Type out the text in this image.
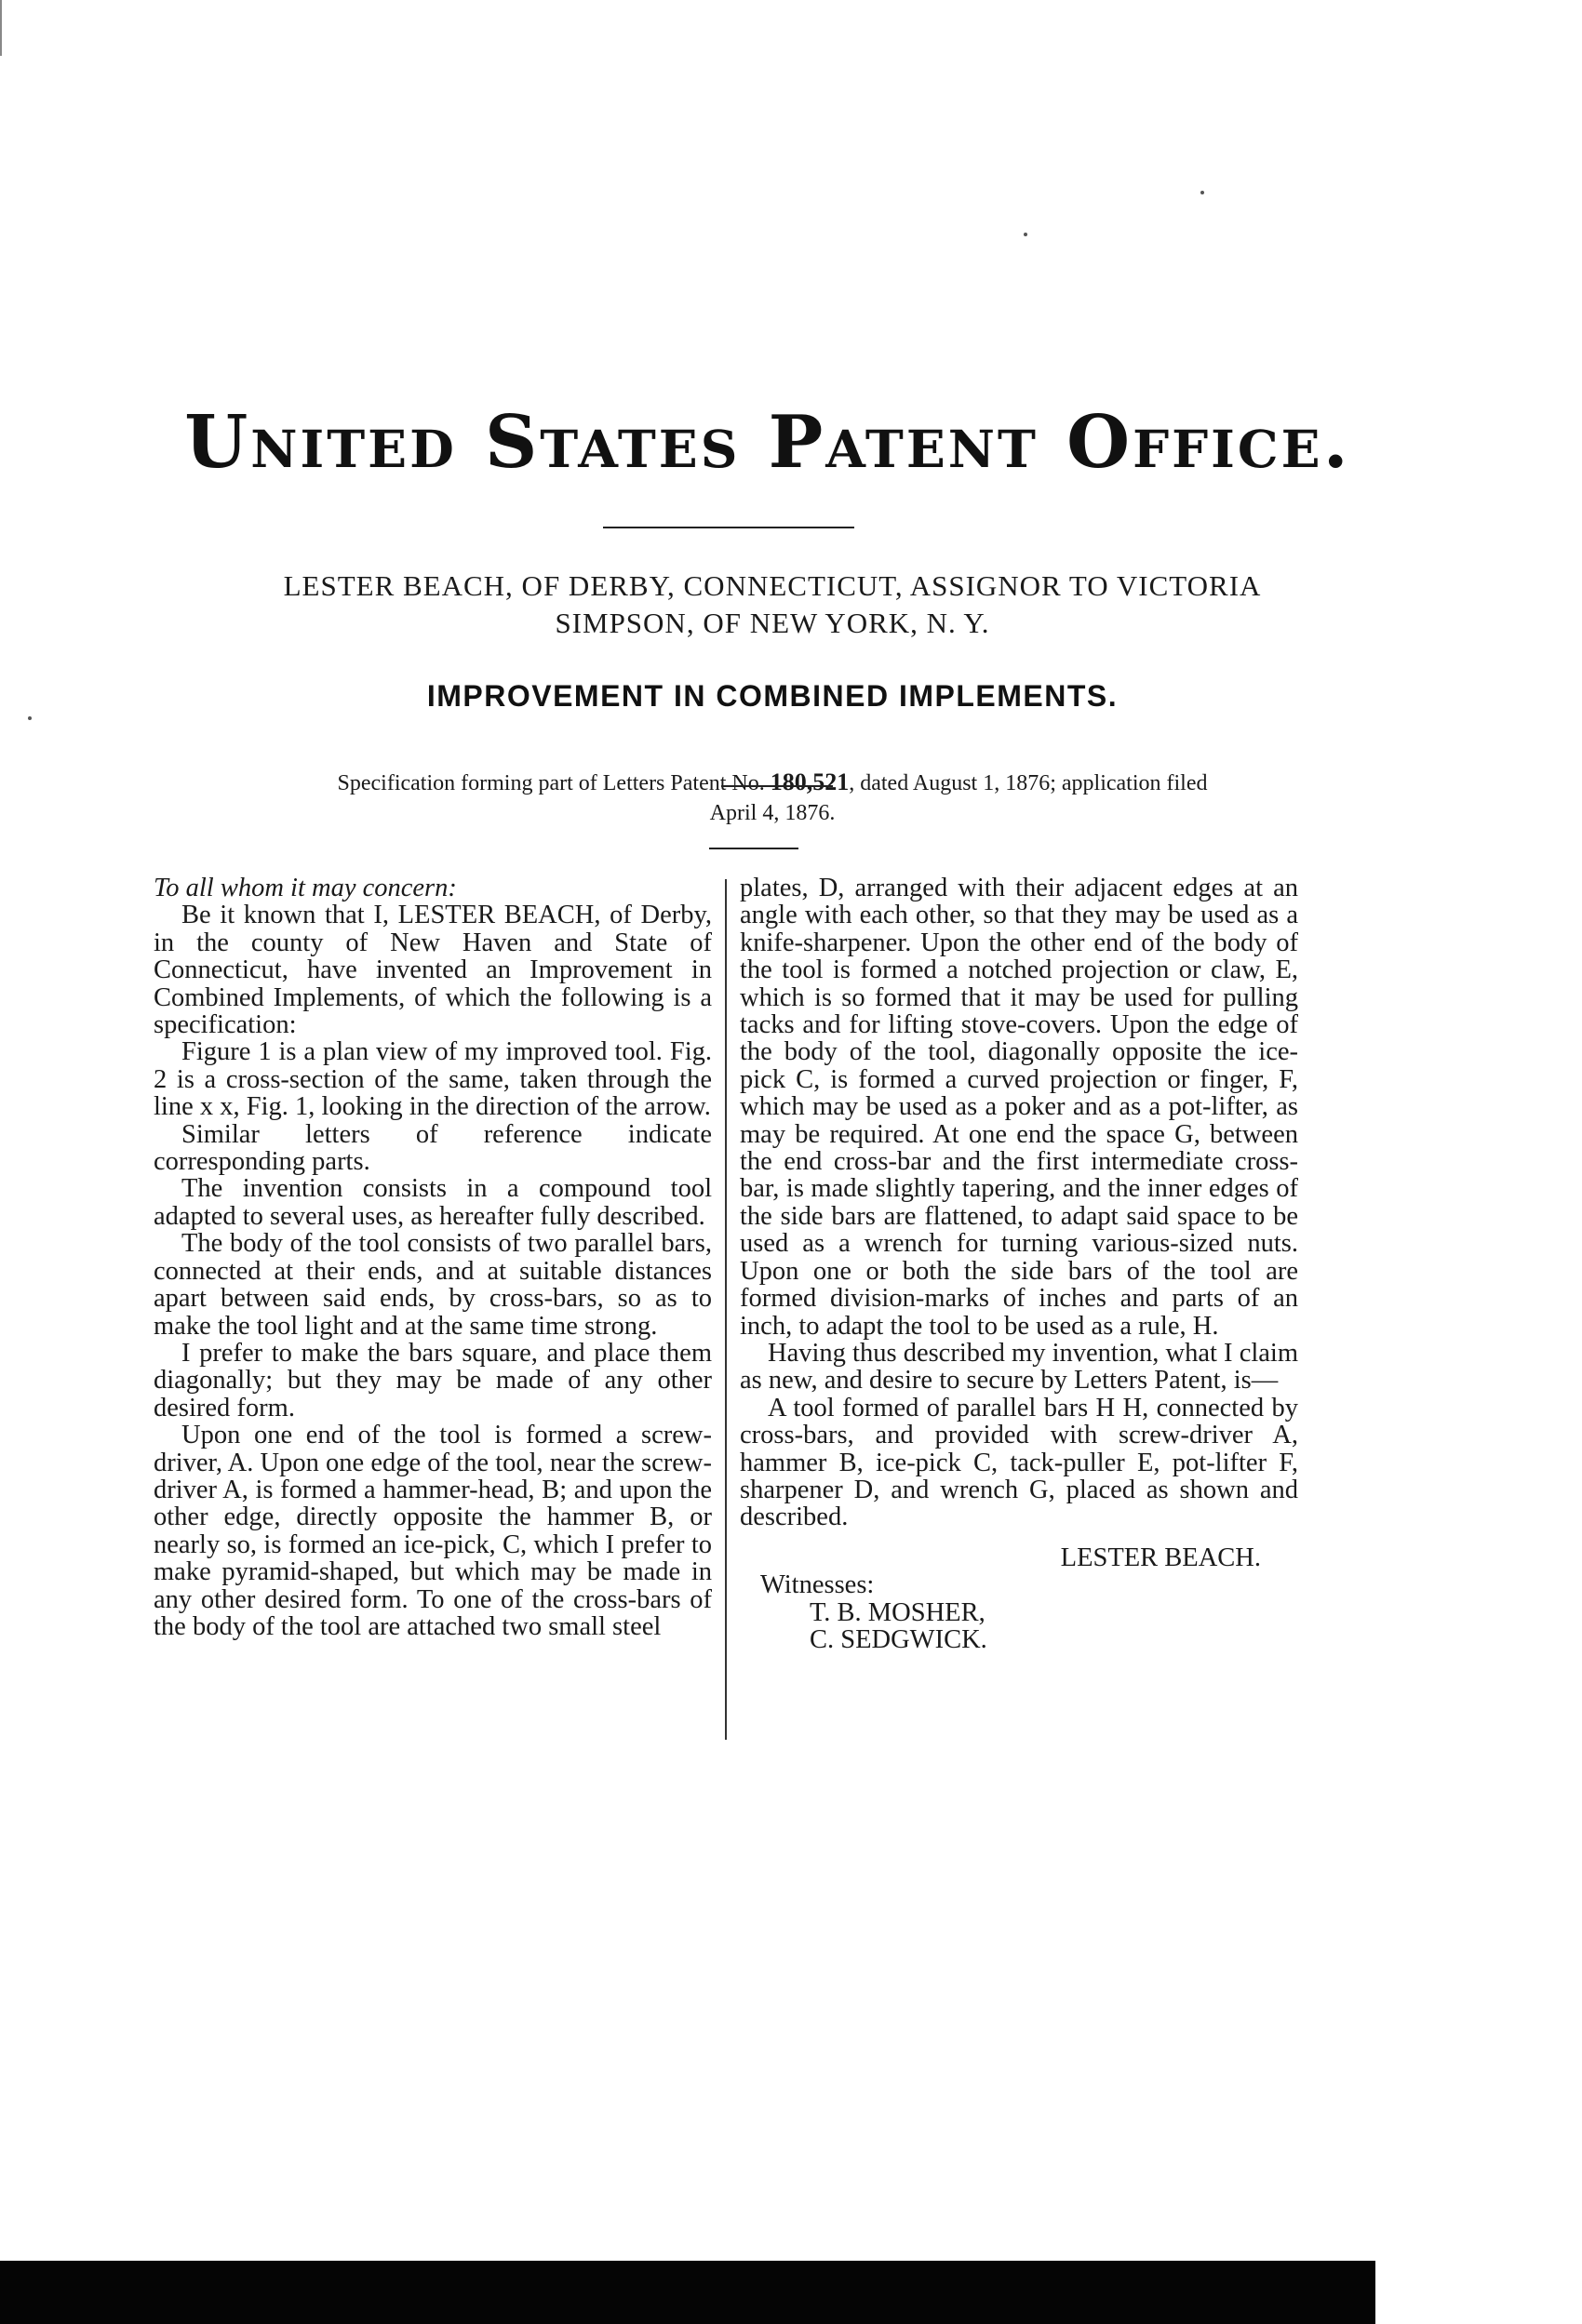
United States Patent Office.
LESTER BEACH, OF DERBY, CONNECTICUT, ASSIGNOR TO VICTORIA
SIMPSON, OF NEW YORK, N. Y.
IMPROVEMENT IN COMBINED IMPLEMENTS.
Specification forming part of Letters Patent No. 180,521, dated August 1, 1876; application filed
April 4, 1876.

To all whom it may concern:

Be it known that I, LESTER BEACH, of Derby, in the county of New Haven and State of Connecticut, have invented an Improvement in Combined Implements, of which the following is a specification:

Figure 1 is a plan view of my improved tool. Fig. 2 is a cross-section of the same, taken through the line x x, Fig. 1, looking in the direction of the arrow.

Similar letters of reference indicate corresponding parts.

The invention consists in a compound tool adapted to several uses, as hereafter fully described.

The body of the tool consists of two parallel bars, connected at their ends, and at suitable distances apart between said ends, by cross-bars, so as to make the tool light and at the same time strong.

I prefer to make the bars square, and place them diagonally; but they may be made of any other desired form.

Upon one end of the tool is formed a screw-driver, A. Upon one edge of the tool, near the screw-driver A, is formed a hammer-head, B; and upon the other edge, directly opposite the hammer B, or nearly so, is formed an ice-pick, C, which I prefer to make pyramid-shaped, but which may be made in any other desired form. To one of the cross-bars of the body of the tool are attached two small steel

plates, D, arranged with their adjacent edges at an angle with each other, so that they may be used as a knife-sharpener. Upon the other end of the body of the tool is formed a notched projection or claw, E, which is so formed that it may be used for pulling tacks and for lifting stove-covers. Upon the edge of the body of the tool, diagonally opposite the ice-pick C, is formed a curved projection or finger, F, which may be used as a poker and as a pot-lifter, as may be required. At one end the space G, between the end cross-bar and the first intermediate cross-bar, is made slightly tapering, and the inner edges of the side bars are flattened, to adapt said space to be used as a wrench for turning various-sized nuts. Upon one or both the side bars of the tool are formed division-marks of inches and parts of an inch, to adapt the tool to be used as a rule, H.

Having thus described my invention, what I claim as new, and desire to secure by Letters Patent, is—

A tool formed of parallel bars H H, connected by cross-bars, and provided with screw-driver A, hammer B, ice-pick C, tack-puller E, pot-lifter F, sharpener D, and wrench G, placed as shown and described.

LESTER BEACH.

Witnesses:

T. B. MOSHER,

C. SEDGWICK.
